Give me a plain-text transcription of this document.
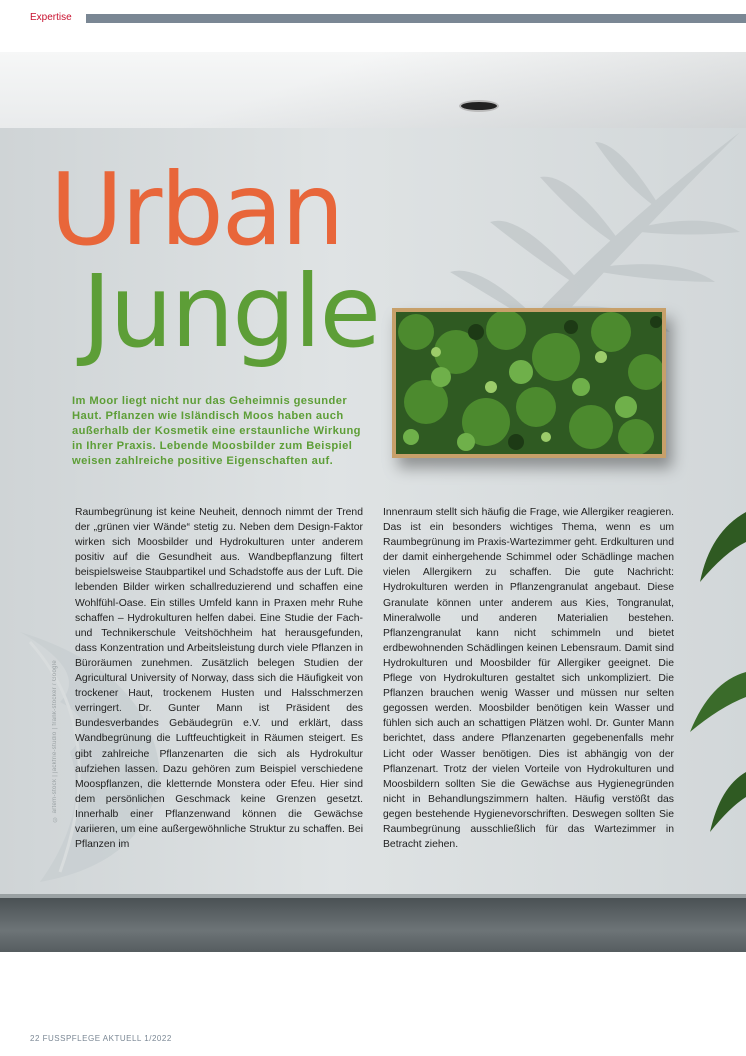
Expertise
Urban
Jungle

Im Moor liegt nicht nur das Geheimnis gesunder Haut. Pflanzen wie Isländisch Moos haben auch außerhalb der Kosmetik eine erstaunliche Wirkung in Ihrer Praxis. Lebende Moosbilder zum Beispiel weisen zahlreiche positive Eigenschaften auf.

© artem-stock | jackfrie-studio | frank-stocker / Google

Raumbegrünung ist keine Neuheit, dennoch nimmt der Trend der „grünen vier Wände“ stetig zu. Neben dem Design-Faktor wirken sich Moosbilder und Hydrokulturen unter anderem positiv auf die Gesundheit aus. Wandbepflanzung filtert beispielsweise Staubpartikel und Schadstoffe aus der Luft. Die lebenden Bilder wirken schallreduzierend und schaffen eine Wohlfühl-Oase. Ein stilles Umfeld kann in Praxen mehr Ruhe schaffen – Hydrokulturen helfen dabei. Eine Studie der Fach- und Technikerschule Veitshöchheim hat herausgefunden, dass Konzentration und Arbeitsleistung durch viele Pflanzen in Büroräumen zunehmen. Zusätzlich belegen Studien der Agricultural University of Norway, dass sich die Häufigkeit von trockener Haut, trockenem Husten und Halsschmerzen verringert. Dr. Gunter Mann ist Präsident des Bundesverbandes Gebäudegrün e.V. und erklärt, dass Wandbegrünung die Luftfeuchtigkeit in Räumen steigert. Es gibt zahlreiche Pflanzenarten die sich als Hydrokultur aufziehen lassen. Dazu gehören zum Beispiel verschiedene Moospflanzen, die kletternde Monstera oder Efeu. Hier sind dem persönlichen Geschmack keine Grenzen gesetzt. Innerhalb einer Pflanzenwand können die Gewächse variieren, um eine außergewöhnliche Struktur zu schaffen. Bei Pflanzen im

Innenraum stellt sich häufig die Frage, wie Allergiker reagieren. Das ist ein besonders wichtiges Thema, wenn es um Raumbegrünung im Praxis-Wartezimmer geht. Erdkulturen und der damit einhergehende Schimmel oder Schädlinge machen vielen Allergikern zu schaffen. Die gute Nachricht: Hydrokulturen werden in Pflanzengranulat angebaut. Diese Granulate können unter anderem aus Kies, Tongranulat, Mineralwolle und anderen Materialien bestehen. Pflanzengranulat kann nicht schimmeln und bietet erdbewohnenden Schädlingen keinen Lebensraum. Damit sind Hydrokulturen und Moosbilder für Allergiker geeignet. Die Pflege von Hydrokulturen gestaltet sich unkompliziert. Die Pflanzen brauchen wenig Wasser und müssen nur selten gegossen werden. Moosbilder benötigen kein Wasser und fühlen sich auch an schattigen Plätzen wohl. Dr. Gunter Mann berichtet, dass andere Pflanzenarten gegebenenfalls mehr Licht oder Wasser benötigen. Dies ist abhängig von der Pflanzenart. Trotz der vielen Vorteile von Hydrokulturen und Moosbildern sollten Sie die Gewächse aus Hygienegründen nicht in Behandlungszimmern halten. Häufig verstößt das gegen bestehende Hygienevorschriften. Deswegen sollten Sie Raumbegrünung ausschließlich für das Wartezimmer in Betracht ziehen.

22 FUSSPFLEGE AKTUELL 1/2022
